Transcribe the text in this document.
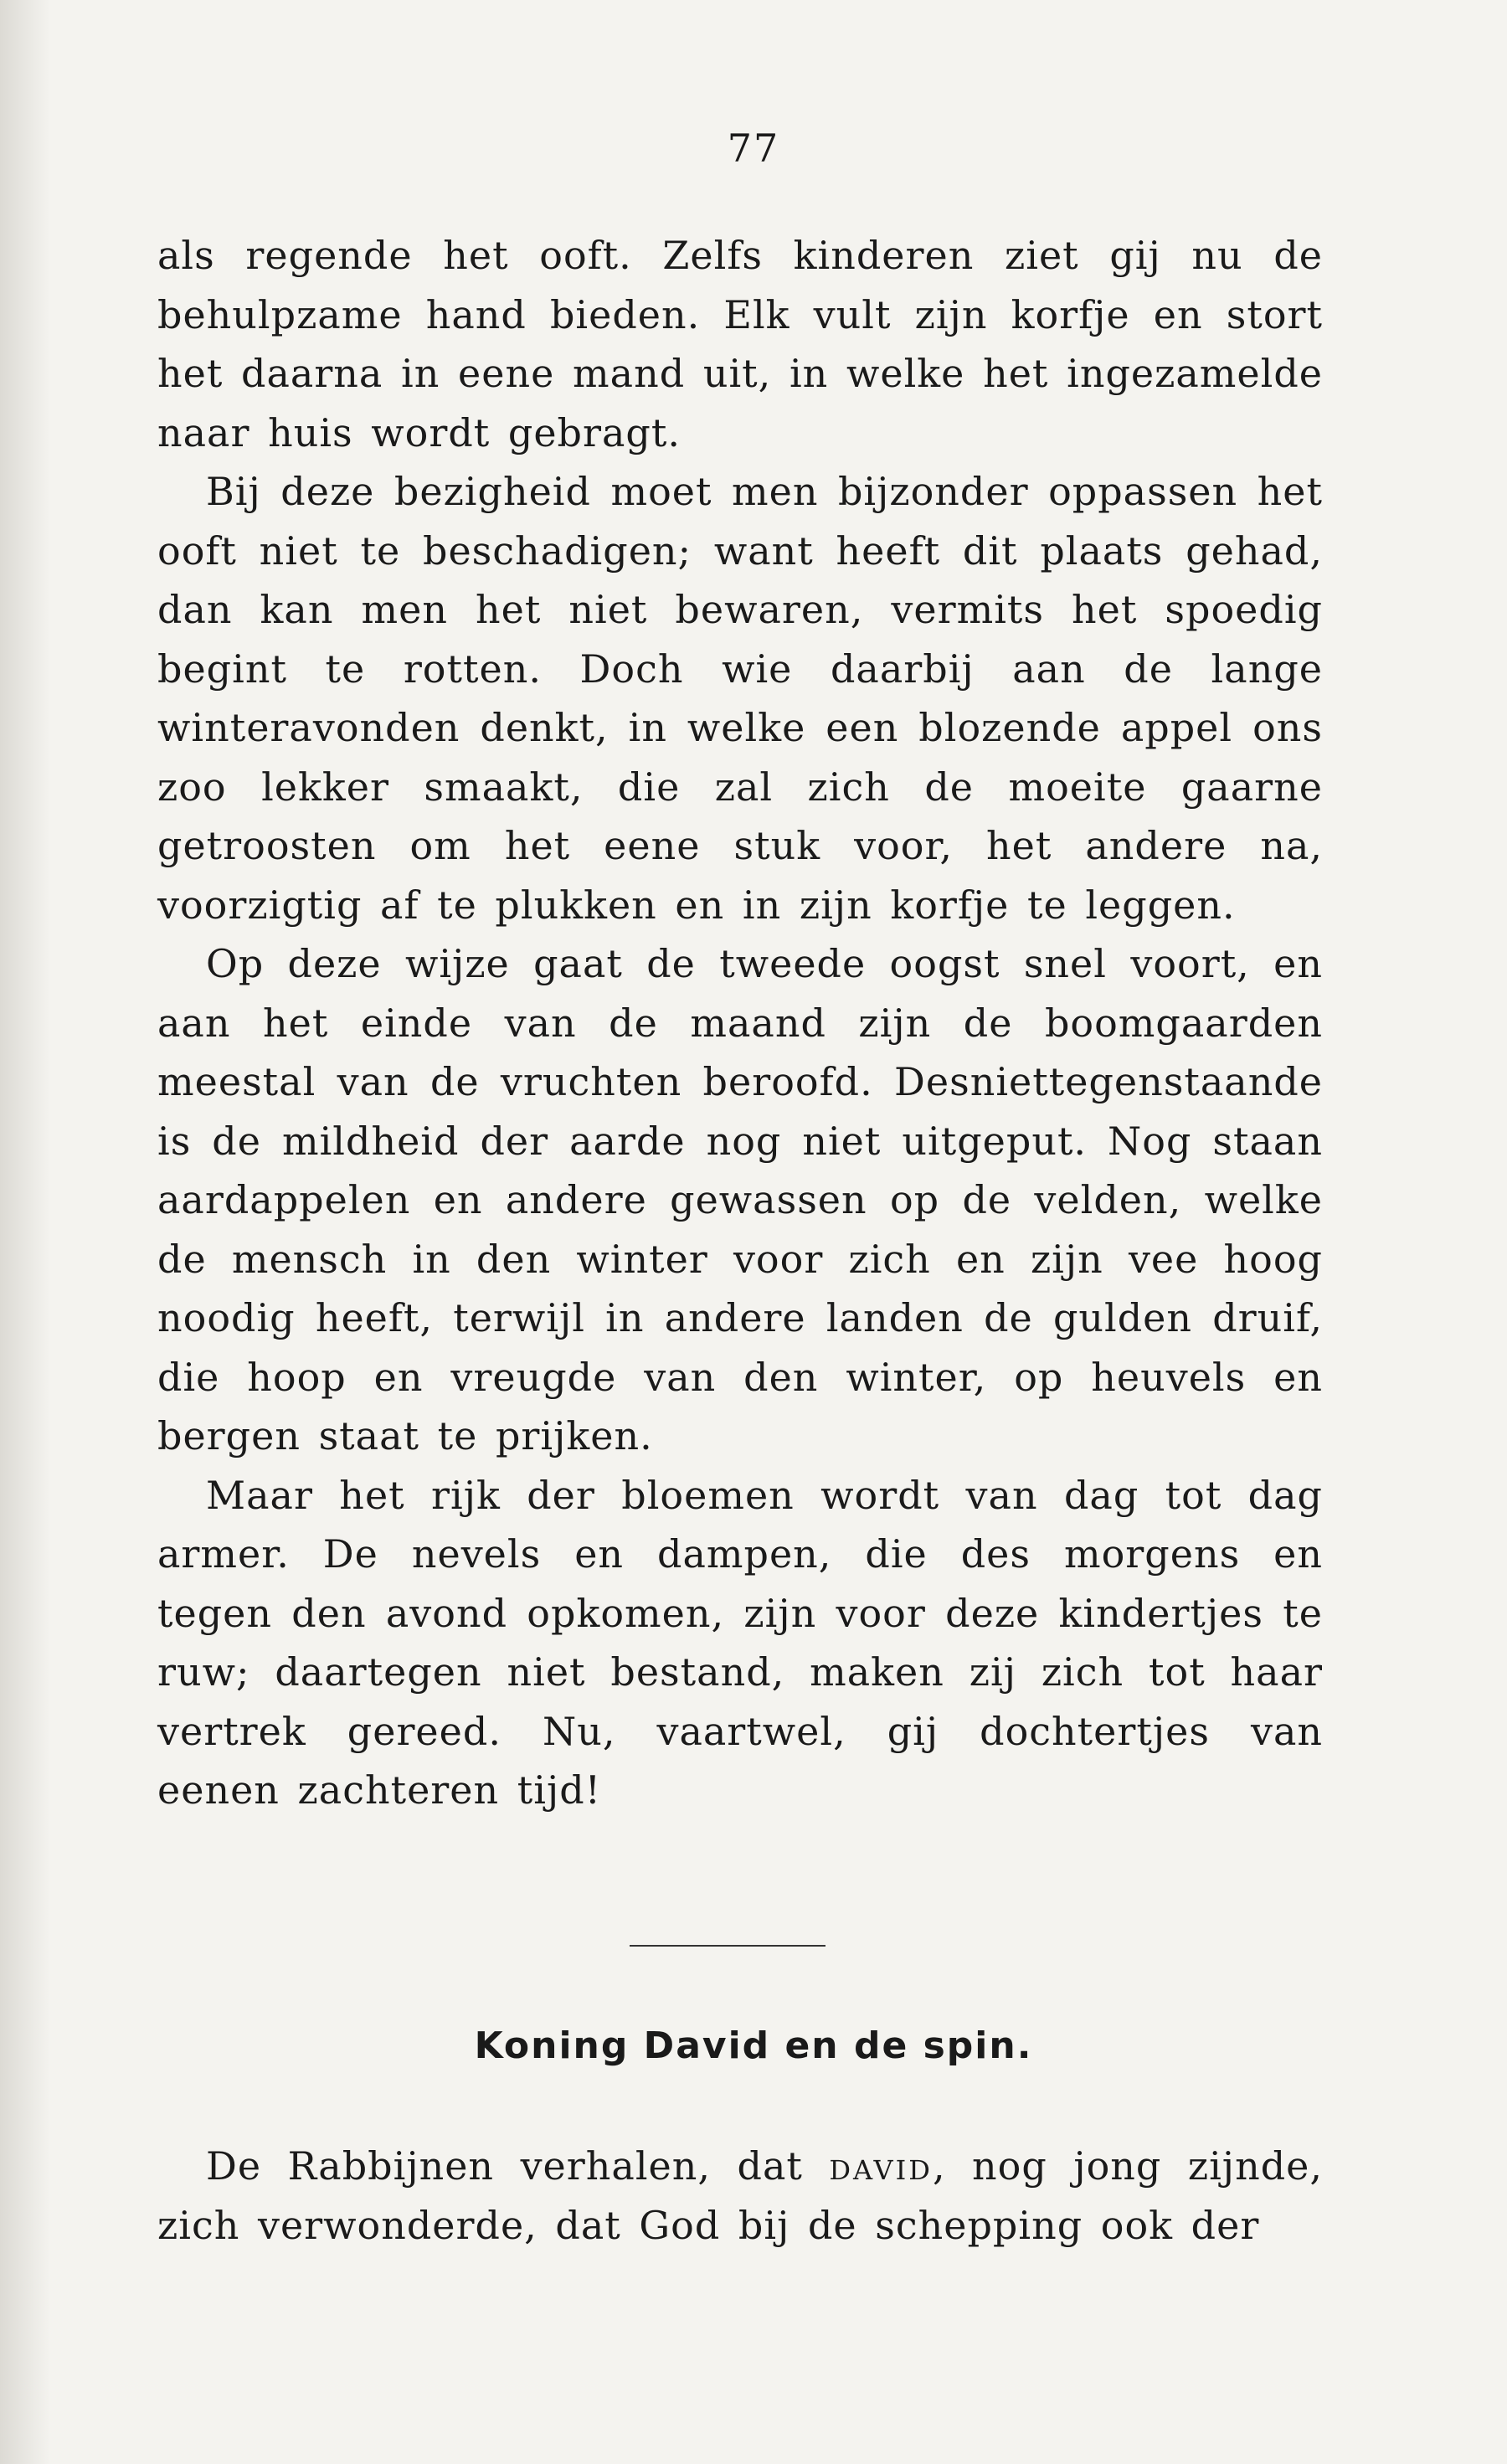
77

als regende het ooft. Zelfs kinderen ziet gij nu de behulpzame hand bieden. Elk vult zijn korfje en stort het daarna in eene mand uit, in welke het ingezamelde naar huis wordt gebragt.

Bij deze bezigheid moet men bijzonder oppassen het ooft niet te beschadigen; want heeft dit plaats gehad, dan kan men het niet bewaren, vermits het spoedig begint te rotten. Doch wie daarbij aan de lange winteravonden denkt, in welke een blozende appel ons zoo lekker smaakt, die zal zich de moeite gaarne getroosten om het eene stuk voor, het andere na, voorzigtig af te plukken en in zijn korfje te leggen.

Op deze wijze gaat de tweede oogst snel voort, en aan het einde van de maand zijn de boomgaarden meestal van de vruchten beroofd. Desniettegenstaande is de mildheid der aarde nog niet uitgeput. Nog staan aardappelen en andere gewassen op de velden, welke de mensch in den winter voor zich en zijn vee hoog noodig heeft, terwijl in andere landen de gulden druif, die hoop en vreugde van den winter, op heuvels en bergen staat te prijken.

Maar het rijk der bloemen wordt van dag tot dag armer. De nevels en dampen, die des morgens en tegen den avond opkomen, zijn voor deze kindertjes te ruw; daartegen niet bestand, maken zij zich tot haar vertrek gereed. Nu, vaartwel, gij dochtertjes van eenen zachteren tijd!

Koning David en de spin.

De Rabbijnen verhalen, dat david, nog jong zijnde, zich verwonderde, dat God bij de schepping ook der
